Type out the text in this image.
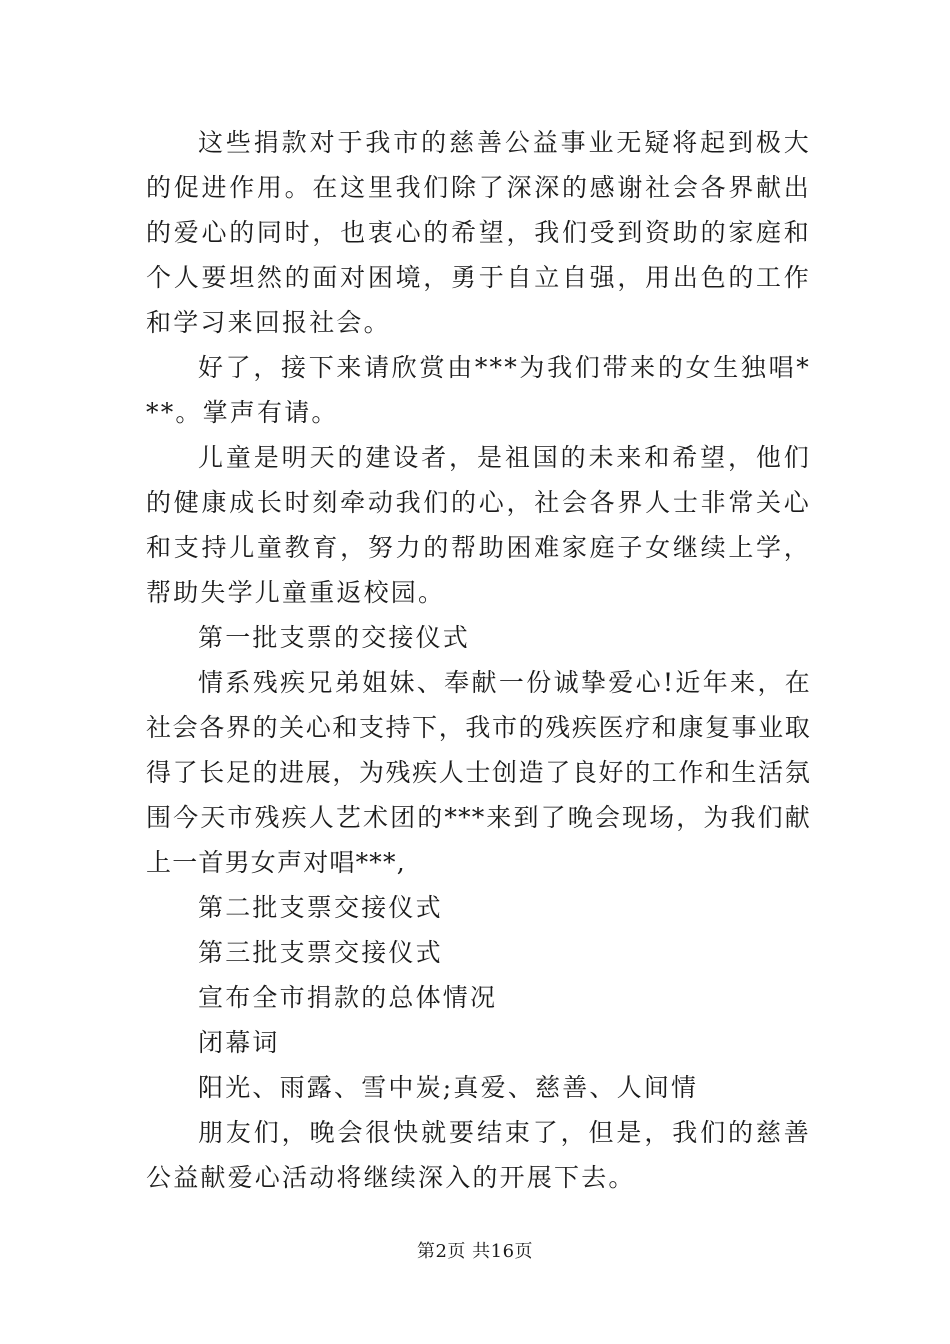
这些捐款对于我市的慈善公益事业无疑将起到极大的促进作用。在这里我们除了深深的感谢社会各界献出的爱心的同时，也衷心的希望，我们受到资助的家庭和个人要坦然的面对困境，勇于自立自强，用出色的工作和学习来回报社会。

好了，接下来请欣赏由***为我们带来的女生独唱***。掌声有请。

儿童是明天的建设者，是祖国的未来和希望，他们的健康成长时刻牵动我们的心，社会各界人士非常关心和支持儿童教育，努力的帮助困难家庭子女继续上学，帮助失学儿童重返校园。

第一批支票的交接仪式

情系残疾兄弟姐妹、奉献一份诚挚爱心!近年来，在社会各界的关心和支持下，我市的残疾医疗和康复事业取得了长足的进展，为残疾人士创造了良好的工作和生活氛围今天市残疾人艺术团的***来到了晚会现场，为我们献上一首男女声对唱***,

第二批支票交接仪式

第三批支票交接仪式

宣布全市捐款的总体情况

闭幕词

阳光、雨露、雪中炭;真爱、慈善、人间情

朋友们，晚会很快就要结束了，但是，我们的慈善公益献爱心活动将继续深入的开展下去。

第2页 共16页
